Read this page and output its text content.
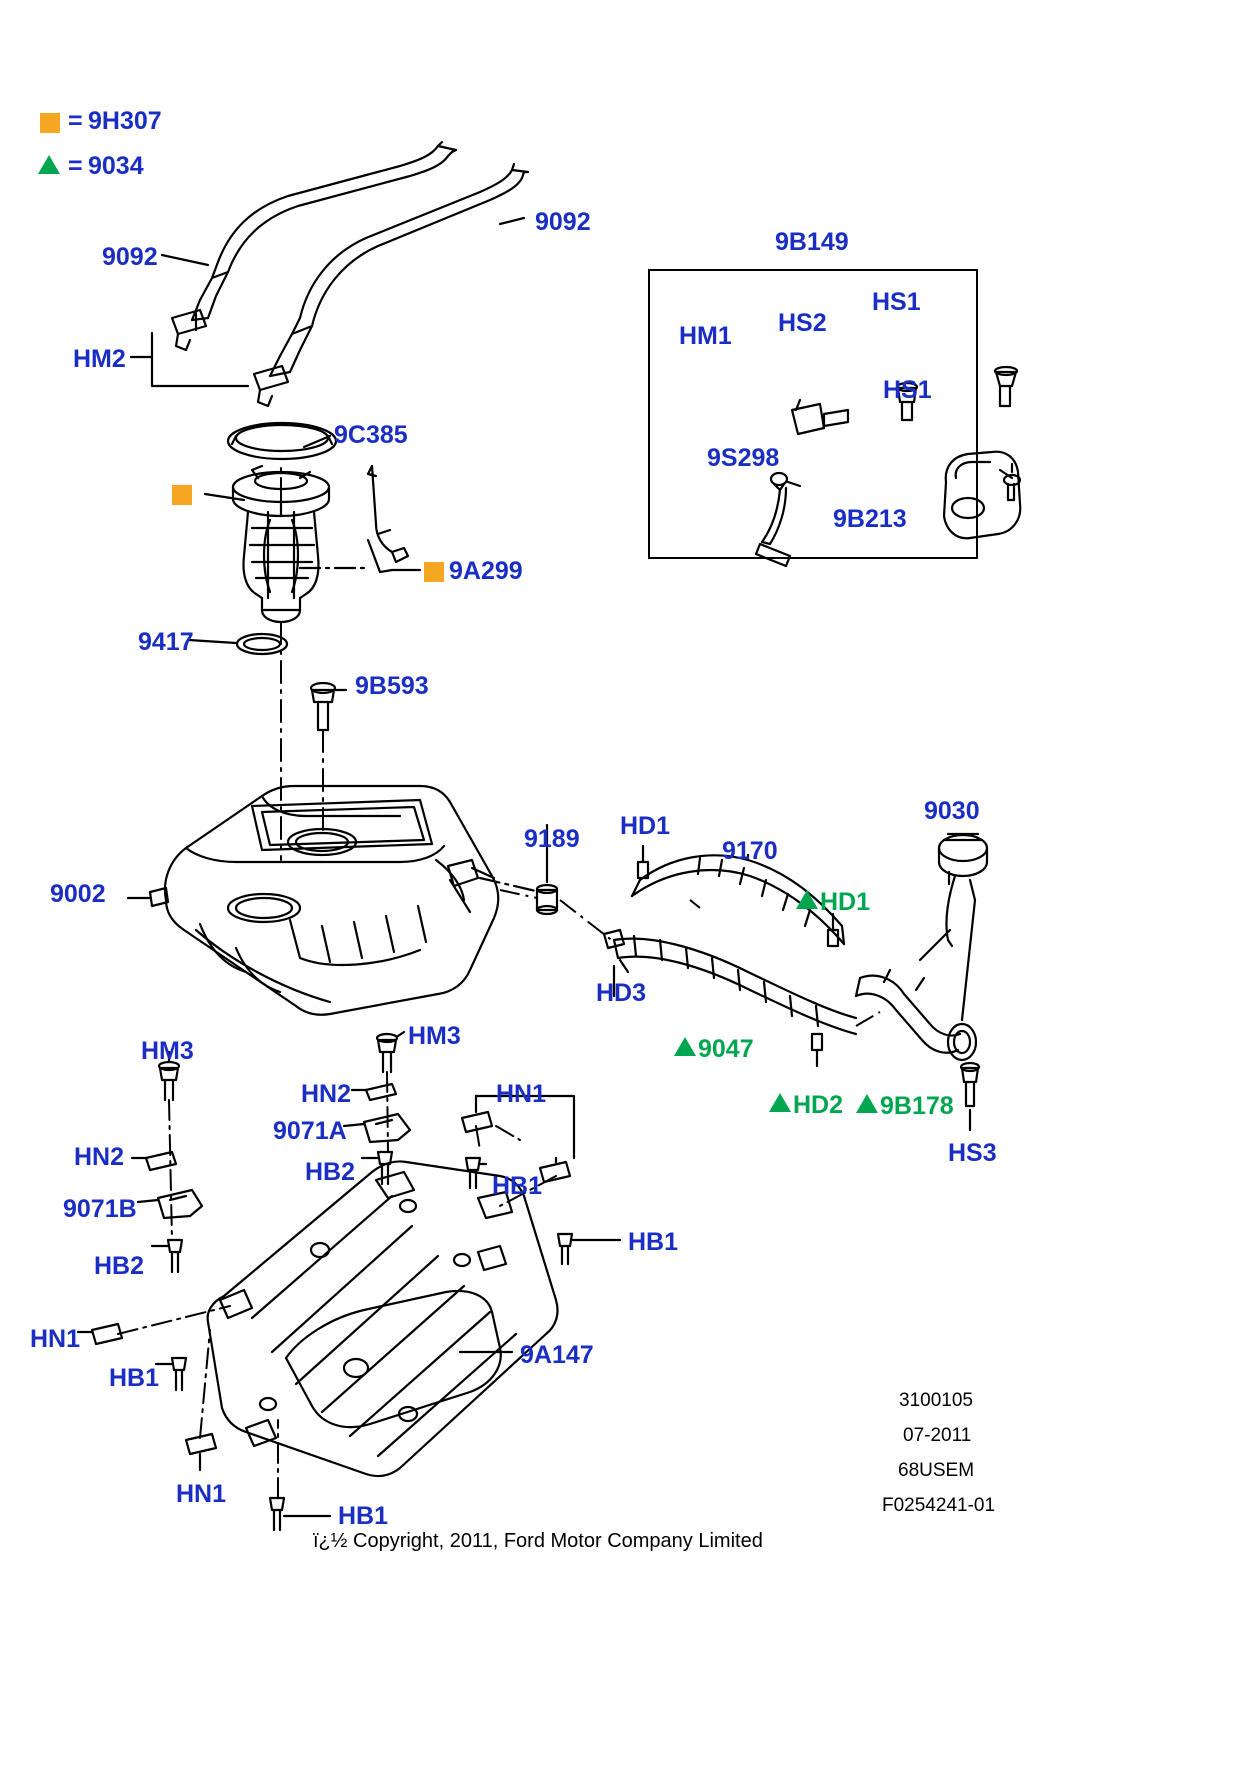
= 9H307
= 9034
9B149
HM1 HS2
HS1
HS1
9S298
9B213
9092
9092
HM2
9C385
9A299
9417
9B593
9002
9189 HD1
9170
9030
HD1
HD3
9047
HD2 9B178
HS3
HM3
HM3
HN2	HN1
9071A
HB2	HB1
HN2
9071B
HB2
HB1
HN1
HB1
HN1
HB1
9A147
ï¿½ Copyright, 2011, Ford Motor Company Limited
3100105
07-2011
68USEM
F0254241-01
